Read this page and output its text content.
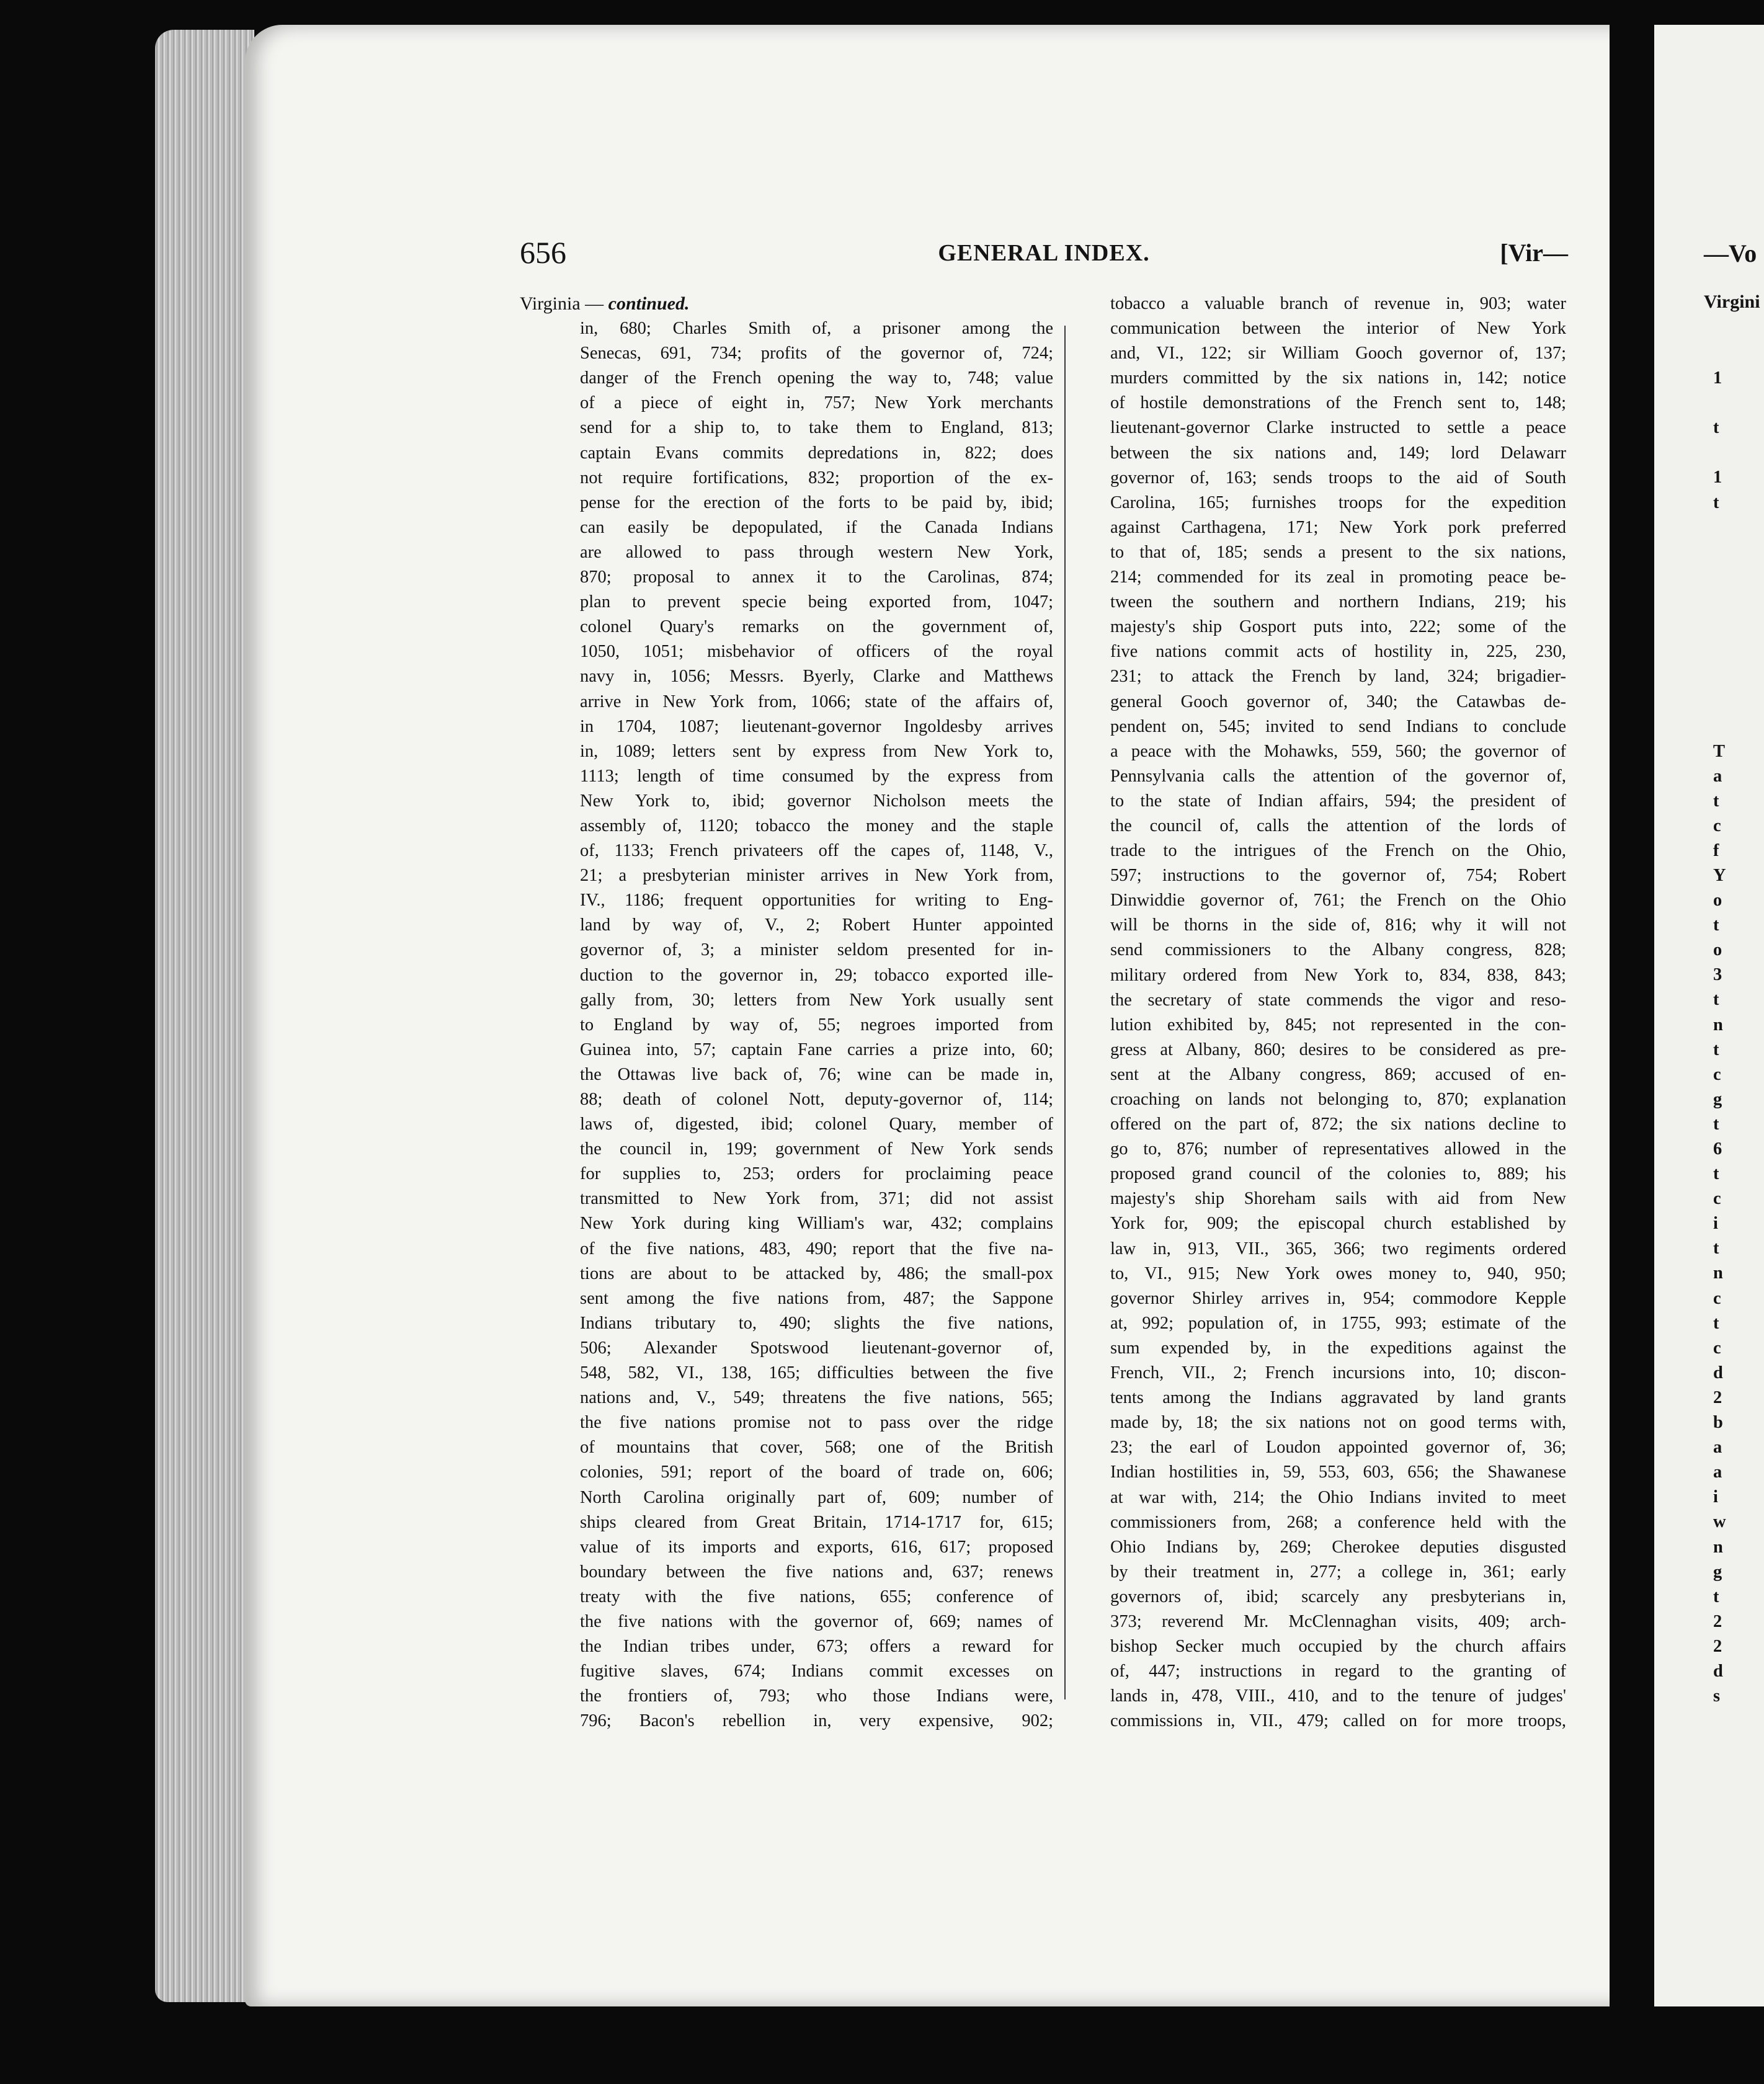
—Vo
Virgini

1

t

1
t

T
a
t
c
f
Y
o
t
o
3
t
n
t
c
g
t
6
t
c
i
t
n
c
t
c
d
2
b
a
a
i
w
n
g
t
2
2
d
s
656	GENERAL INDEX.	[Vir—
Virginia — continued.
in, 680; Charles Smith of, a prisoner among the
Senecas, 691, 734; profits of the governor of, 724;
danger of the French opening the way to, 748; value
of a piece of eight in, 757; New York merchants
send for a ship to, to take them to England, 813;
captain Evans commits depredations in, 822; does
not require fortifications, 832; proportion of the ex-
pense for the erection of the forts to be paid by, ibid;
can easily be depopulated, if the Canada Indians
are allowed to pass through western New York,
870; proposal to annex it to the Carolinas, 874;
plan to prevent specie being exported from, 1047;
colonel Quary's remarks on the government of,
1050, 1051; misbehavior of officers of the royal
navy in, 1056; Messrs. Byerly, Clarke and Matthews
arrive in New York from, 1066; state of the affairs of,
in 1704, 1087; lieutenant-governor Ingoldesby arrives
in, 1089; letters sent by express from New York to,
1113; length of time consumed by the express from
New York to, ibid; governor Nicholson meets the
assembly of, 1120; tobacco the money and the staple
of, 1133; French privateers off the capes of, 1148, V.,
21; a presbyterian minister arrives in New York from,
IV., 1186; frequent opportunities for writing to Eng-
land by way of, V., 2; Robert Hunter appointed
governor of, 3; a minister seldom presented for in-
duction to the governor in, 29; tobacco exported ille-
gally from, 30; letters from New York usually sent
to England by way of, 55; negroes imported from
Guinea into, 57; captain Fane carries a prize into, 60;
the Ottawas live back of, 76; wine can be made in,
88; death of colonel Nott, deputy-governor of, 114;
laws of, digested, ibid; colonel Quary, member of
the council in, 199; government of New York sends
for supplies to, 253; orders for proclaiming peace
transmitted to New York from, 371; did not assist
New York during king William's war, 432; complains
of the five nations, 483, 490; report that the five na-
tions are about to be attacked by, 486; the small-pox
sent among the five nations from, 487; the Sappone
Indians tributary to, 490; slights the five nations,
506; Alexander Spotswood lieutenant-governor of,
548, 582, VI., 138, 165; difficulties between the five
nations and, V., 549; threatens the five nations, 565;
the five nations promise not to pass over the ridge
of mountains that cover, 568; one of the British
colonies, 591; report of the board of trade on, 606;
North Carolina originally part of, 609; number of
ships cleared from Great Britain, 1714-1717 for, 615;
value of its imports and exports, 616, 617; proposed
boundary between the five nations and, 637; renews
treaty with the five nations, 655; conference of
the five nations with the governor of, 669; names of
the Indian tribes under, 673; offers a reward for
fugitive slaves, 674; Indians commit excesses on
the frontiers of, 793; who those Indians were,
796; Bacon's rebellion in, very expensive, 902;
tobacco a valuable branch of revenue in, 903; water
communication between the interior of New York
and, VI., 122; sir William Gooch governor of, 137;
murders committed by the six nations in, 142; notice
of hostile demonstrations of the French sent to, 148;
lieutenant-governor Clarke instructed to settle a peace
between the six nations and, 149; lord Delawarr
governor of, 163; sends troops to the aid of South
Carolina, 165; furnishes troops for the expedition
against Carthagena, 171; New York pork preferred
to that of, 185; sends a present to the six nations,
214; commended for its zeal in promoting peace be-
tween the southern and northern Indians, 219; his
majesty's ship Gosport puts into, 222; some of the
five nations commit acts of hostility in, 225, 230,
231; to attack the French by land, 324; brigadier-
general Gooch governor of, 340; the Catawbas de-
pendent on, 545; invited to send Indians to conclude
a peace with the Mohawks, 559, 560; the governor of
Pennsylvania calls the attention of the governor of,
to the state of Indian affairs, 594; the president of
the council of, calls the attention of the lords of
trade to the intrigues of the French on the Ohio,
597; instructions to the governor of, 754; Robert
Dinwiddie governor of, 761; the French on the Ohio
will be thorns in the side of, 816; why it will not
send commissioners to the Albany congress, 828;
military ordered from New York to, 834, 838, 843;
the secretary of state commends the vigor and reso-
lution exhibited by, 845; not represented in the con-
gress at Albany, 860; desires to be considered as pre-
sent at the Albany congress, 869; accused of en-
croaching on lands not belonging to, 870; explanation
offered on the part of, 872; the six nations decline to
go to, 876; number of representatives allowed in the
proposed grand council of the colonies to, 889; his
majesty's ship Shoreham sails with aid from New
York for, 909; the episcopal church established by
law in, 913, VII., 365, 366; two regiments ordered
to, VI., 915; New York owes money to, 940, 950;
governor Shirley arrives in, 954; commodore Kepple
at, 992; population of, in 1755, 993; estimate of the
sum expended by, in the expeditions against the
French, VII., 2; French incursions into, 10; discon-
tents among the Indians aggravated by land grants
made by, 18; the six nations not on good terms with,
23; the earl of Loudon appointed governor of, 36;
Indian hostilities in, 59, 553, 603, 656; the Shawanese
at war with, 214; the Ohio Indians invited to meet
commissioners from, 268; a conference held with the
Ohio Indians by, 269; Cherokee deputies disgusted
by their treatment in, 277; a college in, 361; early
governors of, ibid; scarcely any presbyterians in,
373; reverend Mr. McClennaghan visits, 409; arch-
bishop Secker much occupied by the church affairs
of, 447; instructions in regard to the granting of
lands in, 478, VIII., 410, and to the tenure of judges'
commissions in, VII., 479; called on for more troops,
